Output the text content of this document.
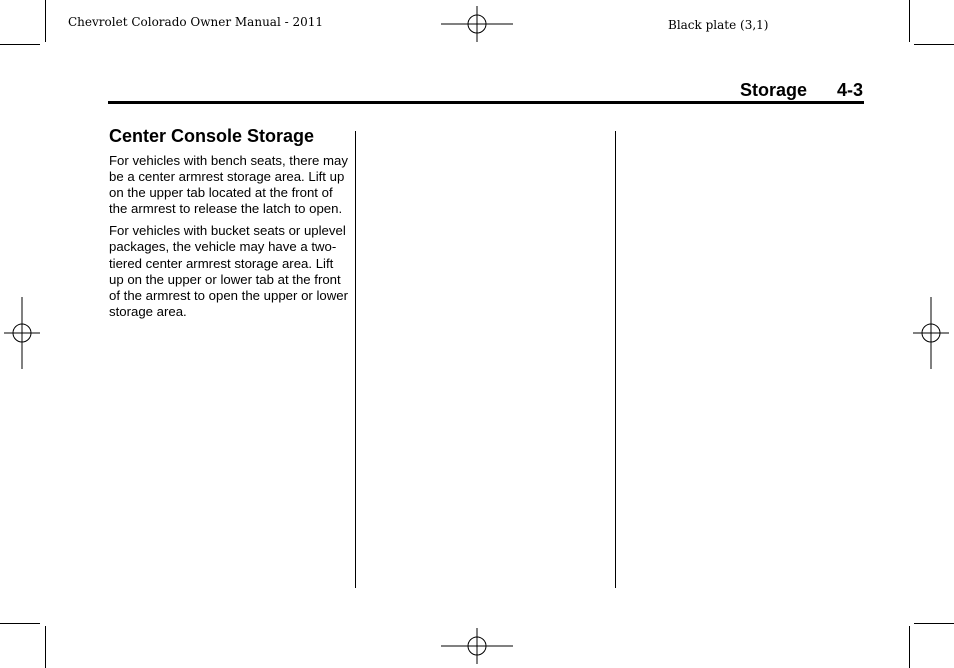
Chevrolet Colorado Owner Manual - 2011	Black plate (3,1)
Storage 4-3
Center Console Storage

For vehicles with bench seats, there may be a center armrest storage area. Lift up on the upper tab located at the front of the armrest to release the latch to open.

For vehicles with bucket seats or uplevel packages, the vehicle may have a two-tiered center armrest storage area. Lift up on the upper or lower tab at the front of the armrest to open the upper or lower storage area.
